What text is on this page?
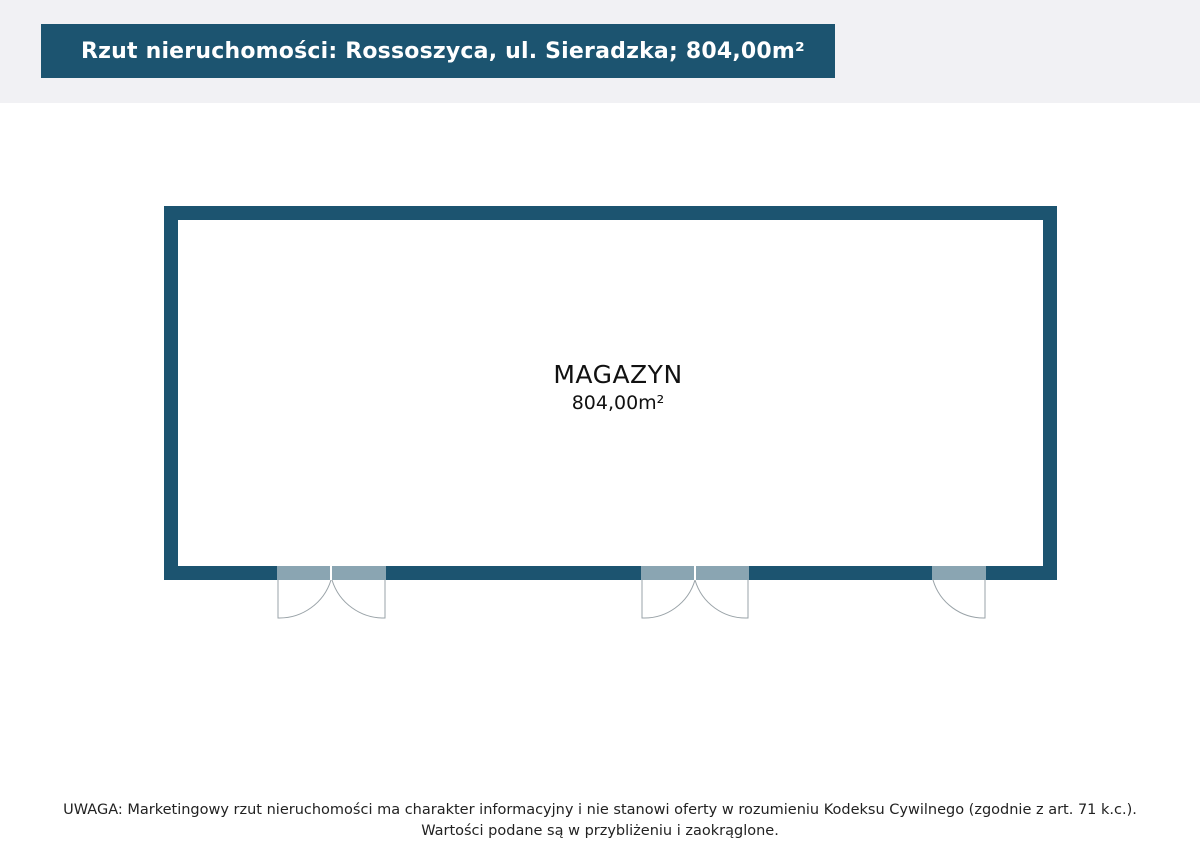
Rzut nieruchomości: Rossoszyca, ul. Sieradzka; 804,00m²
MAGAZYN
804,00m²
UWAGA: Marketingowy rzut nieruchomości ma charakter informacyjny i nie stanowi oferty w rozumieniu Kodeksu Cywilnego (zgodnie z art. 71 k.c.).
Wartości podane są w przybliżeniu i zaokrąglone.
